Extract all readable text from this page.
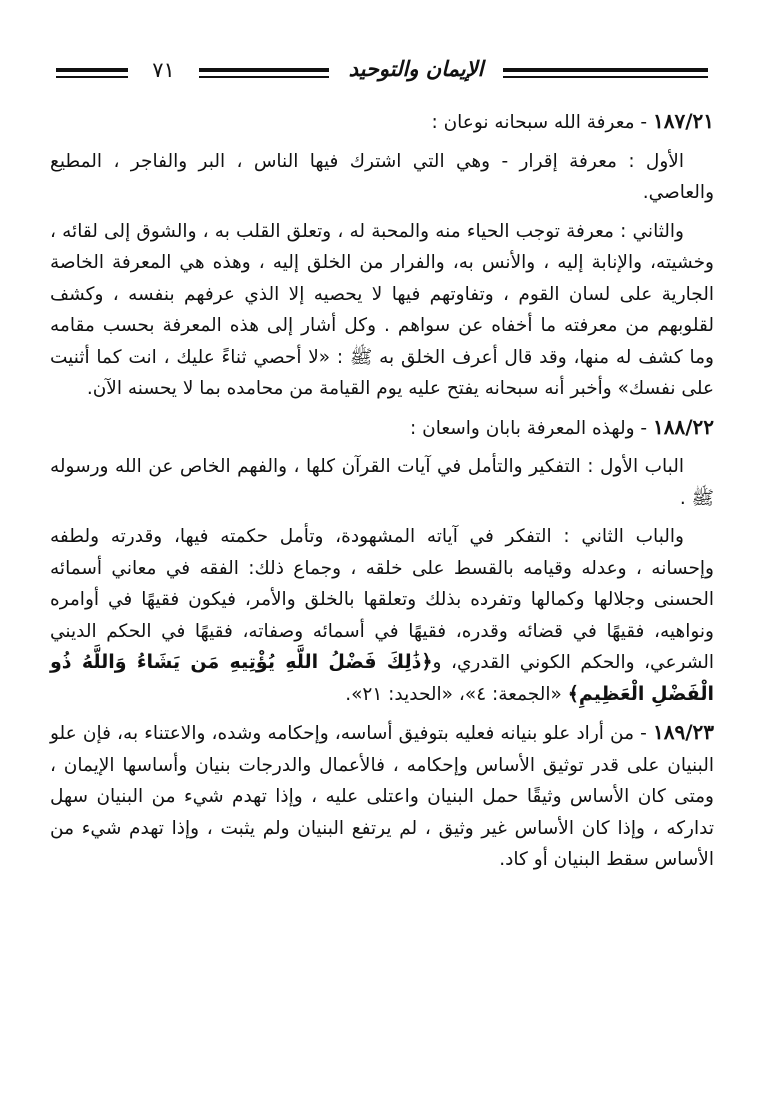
٧١	الإيمان والتوحيد

١٨٧/٢١ - معرفة الله سبحانه نوعان :

الأول : معرفة إقرار - وهي التي اشترك فيها الناس ، البر والفاجر ، المطيع والعاصي.

والثاني : معرفة توجب الحياء منه والمحبة له ، وتعلق القلب به ، والشوق إلى لقائه ، وخشيته، والإنابة إليه ، والأنس به، والفرار من الخلق إليه ، وهذه هي المعرفة الخاصة الجارية على لسان القوم ، وتفاوتهم فيها لا يحصيه إلا الذي عرفهم بنفسه ، وكشف لقلوبهم من معرفته ما أخفاه عن سواهم . وكل أشار إلى هذه المعرفة بحسب مقامه وما كشف له منها، وقد قال أعرف الخلق به ﷺ : «لا أحصي ثناءً عليك ، انت كما أثنيت على نفسك» وأخبر أنه سبحانه يفتح عليه يوم القيامة من محامده بما لا يحسنه الآن.

١٨٨/٢٢ - ولهذه المعرفة بابان واسعان :

الباب الأول : التفكير والتأمل في آيات القرآن كلها ، والفهم الخاص عن الله ورسوله ﷺ .

والباب الثاني : التفكر في آياته المشهودة، وتأمل حكمته فيها، وقدرته ولطفه وإحسانه ، وعدله وقيامه بالقسط على خلقه ، وجماع ذلك: الفقه في معاني أسمائه الحسنى وجلالها وكمالها وتفرده بذلك وتعلقها بالخلق والأمر، فيكون فقيهًا في أوامره ونواهيه، فقيهًا في قضائه وقدره، فقيهًا في أسمائه وصفاته، فقيهًا في الحكم الديني الشرعي، والحكم الكوني القدري، و﴿ذَٰلِكَ فَضْلُ اللَّهِ يُؤْتِيهِ مَن يَشَاءُ وَاللَّهُ ذُو الْفَضْلِ الْعَظِيمِ﴾ «الجمعة: ٤»، «الحديد: ٢١».

١٨٩/٢٣ - من أراد علو بنيانه فعليه بتوفيق أساسه، وإحكامه وشده، والاعتناء به، فإن علو البنيان على قدر توثيق الأساس وإحكامه ، فالأعمال والدرجات بنيان وأساسها الإيمان ، ومتى كان الأساس وثيقًا حمل البنيان واعتلى عليه ، وإذا تهدم شيء من البنيان سهل تداركه ، وإذا كان الأساس غير وثيق ، لم يرتفع البنيان ولم يثبت ، وإذا تهدم شيء من الأساس سقط البنيان أو كاد.
